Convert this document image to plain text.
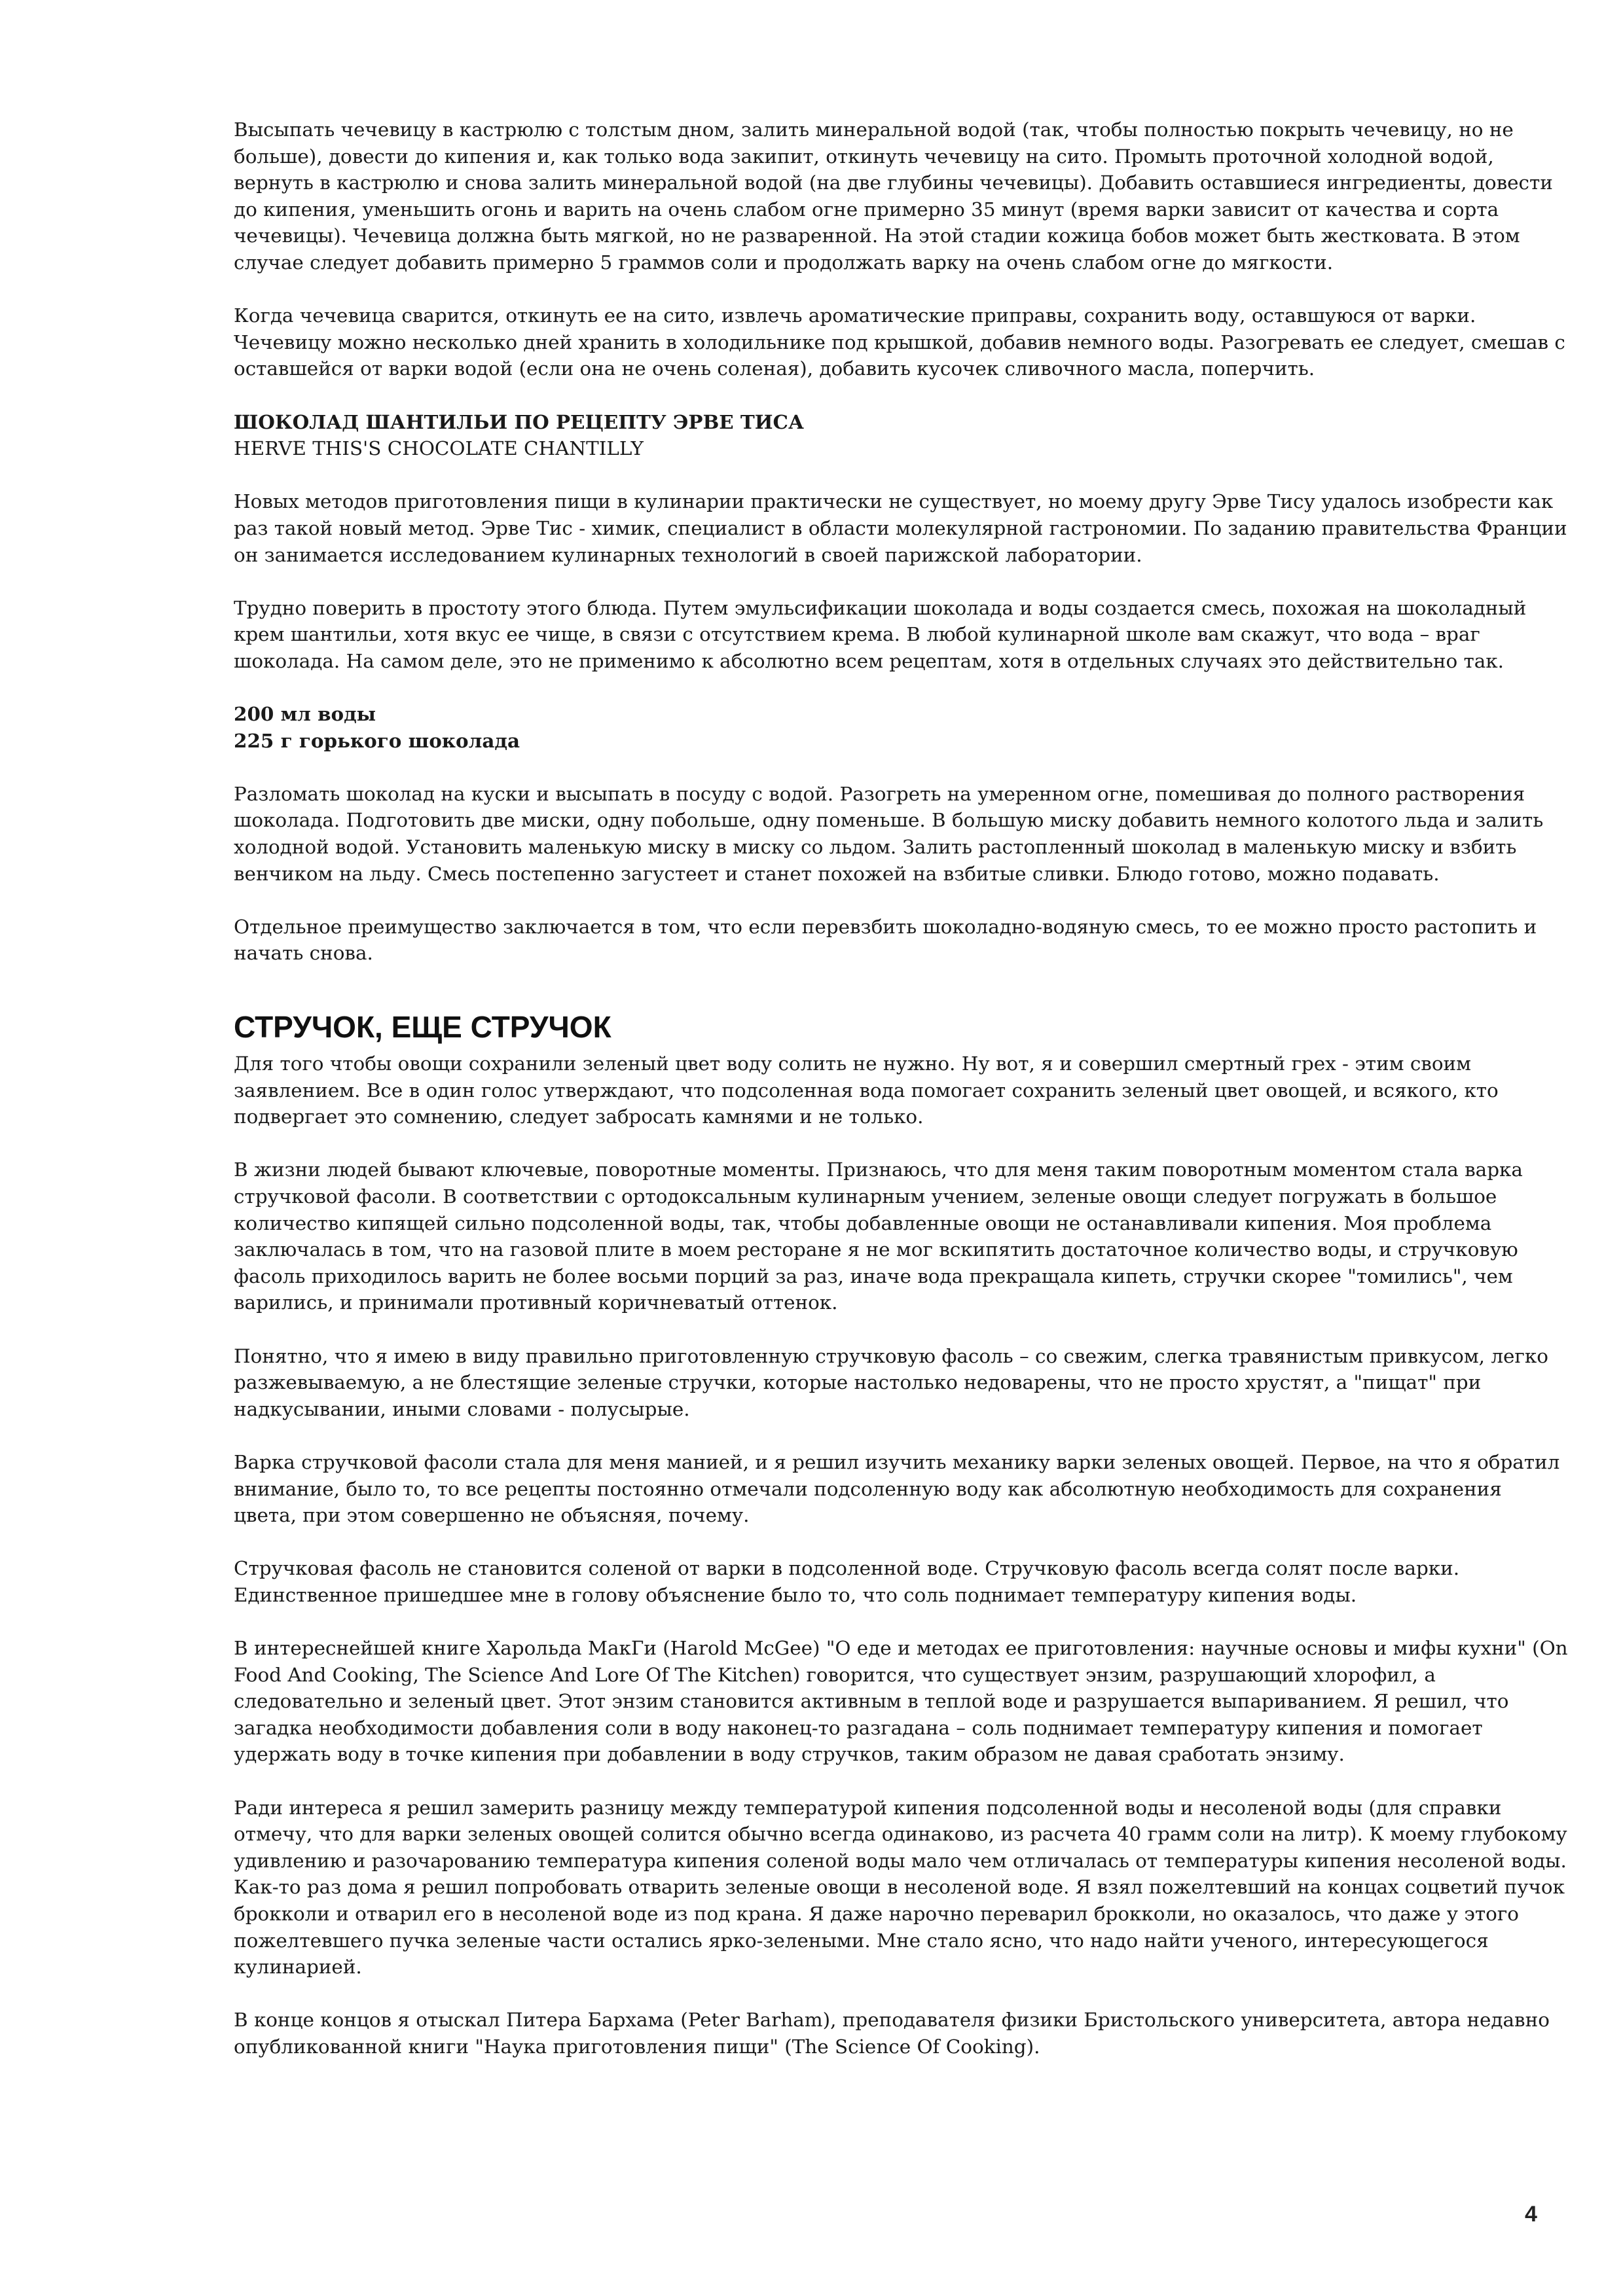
Высыпать чечевицу в кастрюлю с толстым дном, залить минеральной водой (так, чтобы полностью покрыть чечевицу, но не больше), довести до кипения и, как только вода закипит, откинуть чечевицу на сито. Промыть проточной холодной водой, вернуть в кастрюлю и снова залить минеральной водой (на две глубины чечевицы). Добавить оставшиеся ингредиенты, довести до кипения, уменьшить огонь и варить на очень слабом огне примерно 35 минут (время варки зависит от качества и сорта чечевицы). Чечевица должна быть мягкой, но не разваренной. На этой стадии кожица бобов может быть жестковата. В этом случае следует добавить примерно 5 граммов соли и продолжать варку на очень слабом огне до мягкости.

Когда чечевица сварится, откинуть ее на сито, извлечь ароматические приправы, сохранить воду, оставшуюся от варки. Чечевицу можно несколько дней хранить в холодильнике под крышкой, добавив немного воды. Разогревать ее следует, смешав с оставшейся от варки водой (если она не очень соленая), добавить кусочек сливочного масла, поперчить.

ШОКОЛАД ШАНТИЛЬИ ПО РЕЦЕПТУ ЭРВЕ ТИСА

HERVE THIS'S CHOCOLATE CHANTILLY

Новых методов приготовления пищи в кулинарии практически не существует, но моему другу Эрве Тису удалось изобрести как раз такой новый метод. Эрве Тис - химик, специалист в области молекулярной гастрономии. По заданию правительства Франции он занимается исследованием кулинарных технологий в своей парижской лаборатории.

Трудно поверить в простоту этого блюда. Путем эмульсификации шоколада и воды создается смесь, похожая на шоколадный крем шантильи, хотя вкус ее чище, в связи с отсутствием крема. В любой кулинарной школе вам скажут, что вода – враг шоколада. На самом деле, это не применимо к абсолютно всем рецептам, хотя в отдельных случаях это действительно так.

200 мл воды

225 г горького шоколада

Разломать шоколад на куски и высыпать в посуду с водой. Разогреть на умеренном огне, помешивая до полного растворения шоколада. Подготовить две миски, одну побольше, одну поменьше. В большую миску добавить немного колотого льда и залить холодной водой. Установить маленькую миску в миску со льдом. Залить растопленный шоколад в маленькую миску и взбить венчиком на льду. Смесь постепенно загустеет и станет похожей на взбитые сливки. Блюдо готово, можно подавать.

Отдельное преимущество заключается в том, что если перевзбить шоколадно-водяную смесь, то ее можно просто растопить и начать снова.

СТРУЧОК, ЕЩЕ СТРУЧОК

Для того чтобы овощи сохранили зеленый цвет воду солить не нужно. Ну вот, я и совершил смертный грех - этим своим заявлением. Все в один голос утверждают, что подсоленная вода помогает сохранить зеленый цвет овощей, и всякого, кто подвергает это сомнению, следует забросать камнями и не только.

В жизни людей бывают ключевые, поворотные моменты. Признаюсь, что для меня таким поворотным моментом стала варка стручковой фасоли. В соответствии с ортодоксальным кулинарным учением, зеленые овощи следует погружать в большое количество кипящей сильно подсоленной воды, так, чтобы добавленные овощи не останавливали кипения. Моя проблема заключалась в том, что на газовой плите в моем ресторане я не мог вскипятить достаточное количество воды, и стручковую фасоль приходилось варить не более восьми порций за раз, иначе вода прекращала кипеть, стручки скорее "томились", чем варились, и принимали противный коричневатый оттенок.

Понятно, что я имею в виду правильно приготовленную стручковую фасоль – со свежим, слегка травянистым привкусом, легко разжевываемую, а не блестящие зеленые стручки, которые настолько недоварены, что не просто хрустят, а "пищат" при надкусывании, иными словами - полусырые.

Варка стручковой фасоли стала для меня манией, и я решил изучить механику варки зеленых овощей. Первое, на что я обратил внимание, было то, то все рецепты постоянно отмечали подсоленную воду как абсолютную необходимость для сохранения цвета, при этом совершенно не объясняя, почему.

Стручковая фасоль не становится соленой от варки в подсоленной воде. Стручковую фасоль всегда солят после варки. Единственное пришедшее мне в голову объяснение было то, что соль поднимает температуру кипения воды.

В интереснейшей книге Харольда МакГи (Harold McGee) "О еде и методах ее приготовления: научные основы и мифы кухни" (On Food And Cooking, The Science And Lore Of The Kitchen) говорится, что существует энзим, разрушающий хлорофил, а следовательно и зеленый цвет. Этот энзим становится активным в теплой воде и разрушается выпариванием. Я решил, что загадка необходимости добавления соли в воду наконец-то разгадана – соль поднимает температуру кипения и помогает удержать воду в точке кипения при добавлении в воду стручков, таким образом не давая сработать энзиму.

Ради интереса я решил замерить разницу между температурой кипения подсоленной воды и несоленой воды (для справки отмечу, что для варки зеленых овощей солится обычно всегда одинаково, из расчета 40 грамм соли на литр). К моему глубокому удивлению и разочарованию температура кипения соленой воды мало чем отличалась от температуры кипения несоленой воды. Как-то раз дома я решил попробовать отварить зеленые овощи в несоленой воде. Я взял пожелтевший на концах соцветий пучок брокколи и отварил его в несоленой воде из под крана. Я даже нарочно переварил брокколи, но оказалось, что даже у этого пожелтевшего пучка зеленые части остались ярко-зелеными. Мне стало ясно, что надо найти ученого, интересующегося кулинарией.

В конце концов я отыскал Питера Бархама (Peter Barham), преподавателя физики Бристольского университета, автора недавно опубликованной книги "Наука приготовления пищи" (The Science Of Cooking).

4
